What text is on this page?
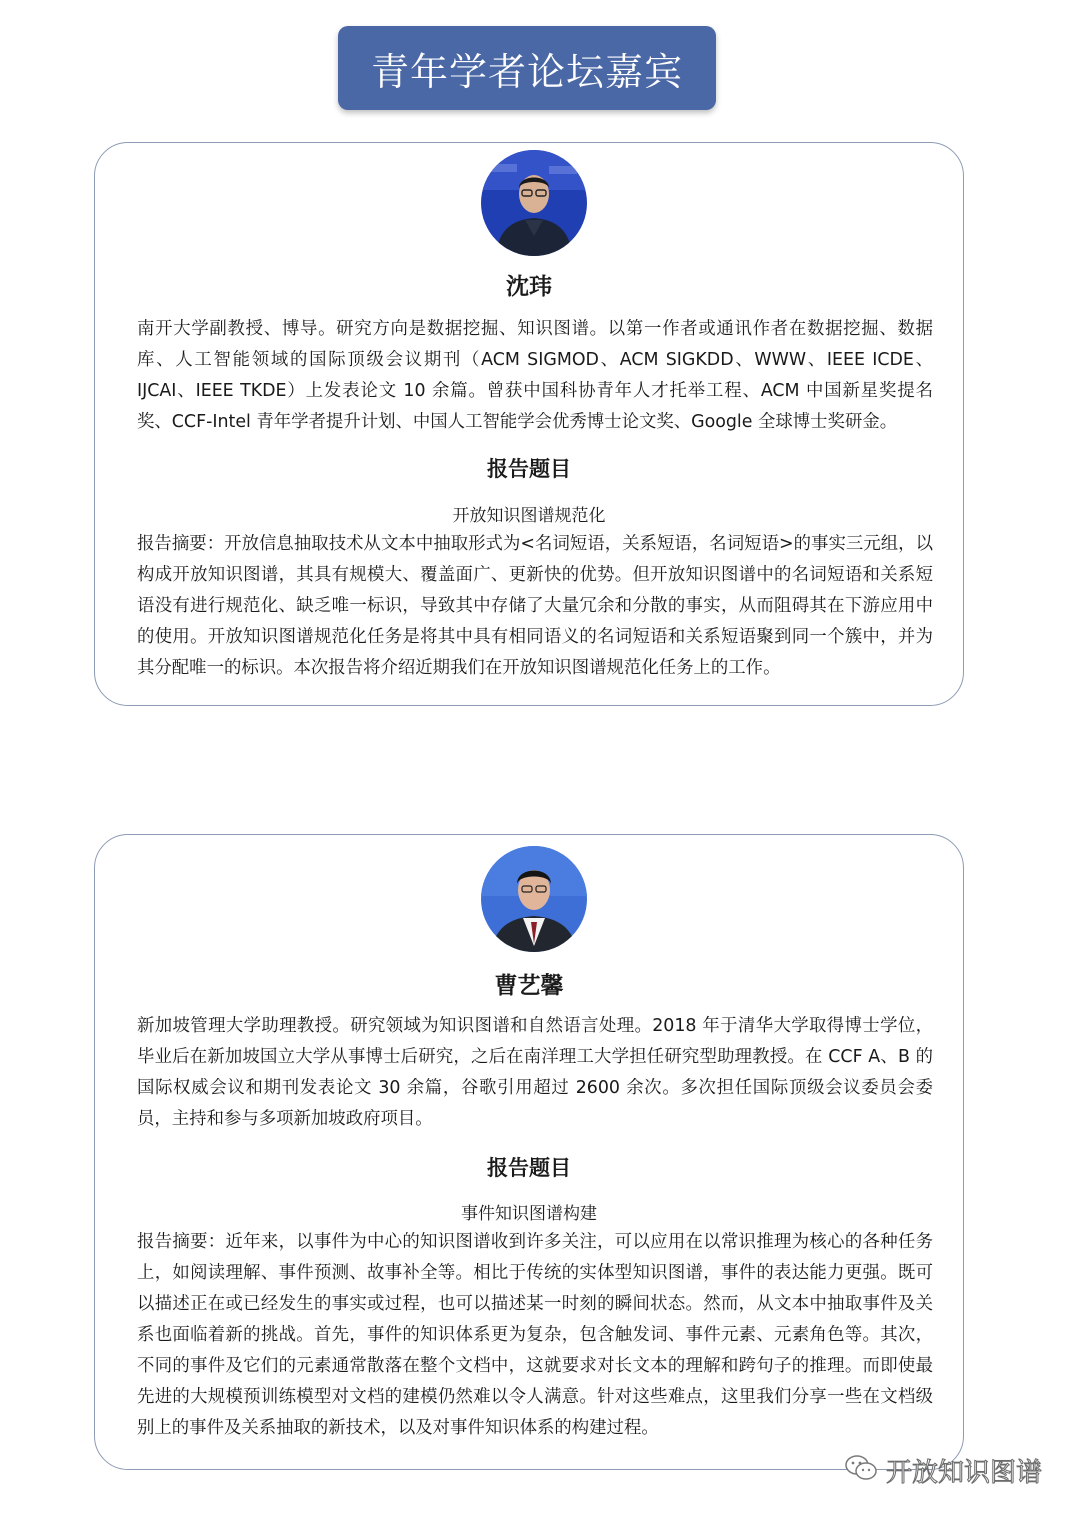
青年学者论坛嘉宾
沈玮

南开大学副教授、博导。研究方向是数据挖掘、知识图谱。以第一作者或通讯作者在数据挖掘、数据库、人工智能领域的国际顶级会议期刊（ACM SIGMOD、ACM SIGKDD、WWW、IEEE ICDE、IJCAI、IEEE TKDE）上发表论文 10 余篇。曾获中国科协青年人才托举工程、ACM 中国新星奖提名奖、CCF-Intel 青年学者提升计划、中国人工智能学会优秀博士论文奖、Google 全球博士奖研金。

报告题目
开放知识图谱规范化

报告摘要：开放信息抽取技术从文本中抽取形式为<名词短语，关系短语，名词短语>的事实三元组，以构成开放知识图谱，其具有规模大、覆盖面广、更新快的优势。但开放知识图谱中的名词短语和关系短语没有进行规范化、缺乏唯一标识，导致其中存储了大量冗余和分散的事实，从而阻碍其在下游应用中的使用。开放知识图谱规范化任务是将其中具有相同语义的名词短语和关系短语聚到同一个簇中，并为其分配唯一的标识。本次报告将介绍近期我们在开放知识图谱规范化任务上的工作。

曹艺馨

新加坡管理大学助理教授。研究领域为知识图谱和自然语言处理。2018 年于清华大学取得博士学位，毕业后在新加坡国立大学从事博士后研究，之后在南洋理工大学担任研究型助理教授。在 CCF A、B 的国际权威会议和期刊发表论文 30 余篇，谷歌引用超过 2600 余次。多次担任国际顶级会议委员会委员，主持和参与多项新加坡政府项目。

报告题目
事件知识图谱构建

报告摘要：近年来，以事件为中心的知识图谱收到许多关注，可以应用在以常识推理为核心的各种任务上，如阅读理解、事件预测、故事补全等。相比于传统的实体型知识图谱，事件的表达能力更强。既可以描述正在或已经发生的事实或过程，也可以描述某一时刻的瞬间状态。然而，从文本中抽取事件及关系也面临着新的挑战。首先，事件的知识体系更为复杂，包含触发词、事件元素、元素角色等。其次，不同的事件及它们的元素通常散落在整个文档中，这就要求对长文本的理解和跨句子的推理。而即使最先进的大规模预训练模型对文档的建模仍然难以令人满意。针对这些难点，这里我们分享一些在文档级别上的事件及关系抽取的新技术，以及对事件知识体系的构建过程。

开放知识图谱
